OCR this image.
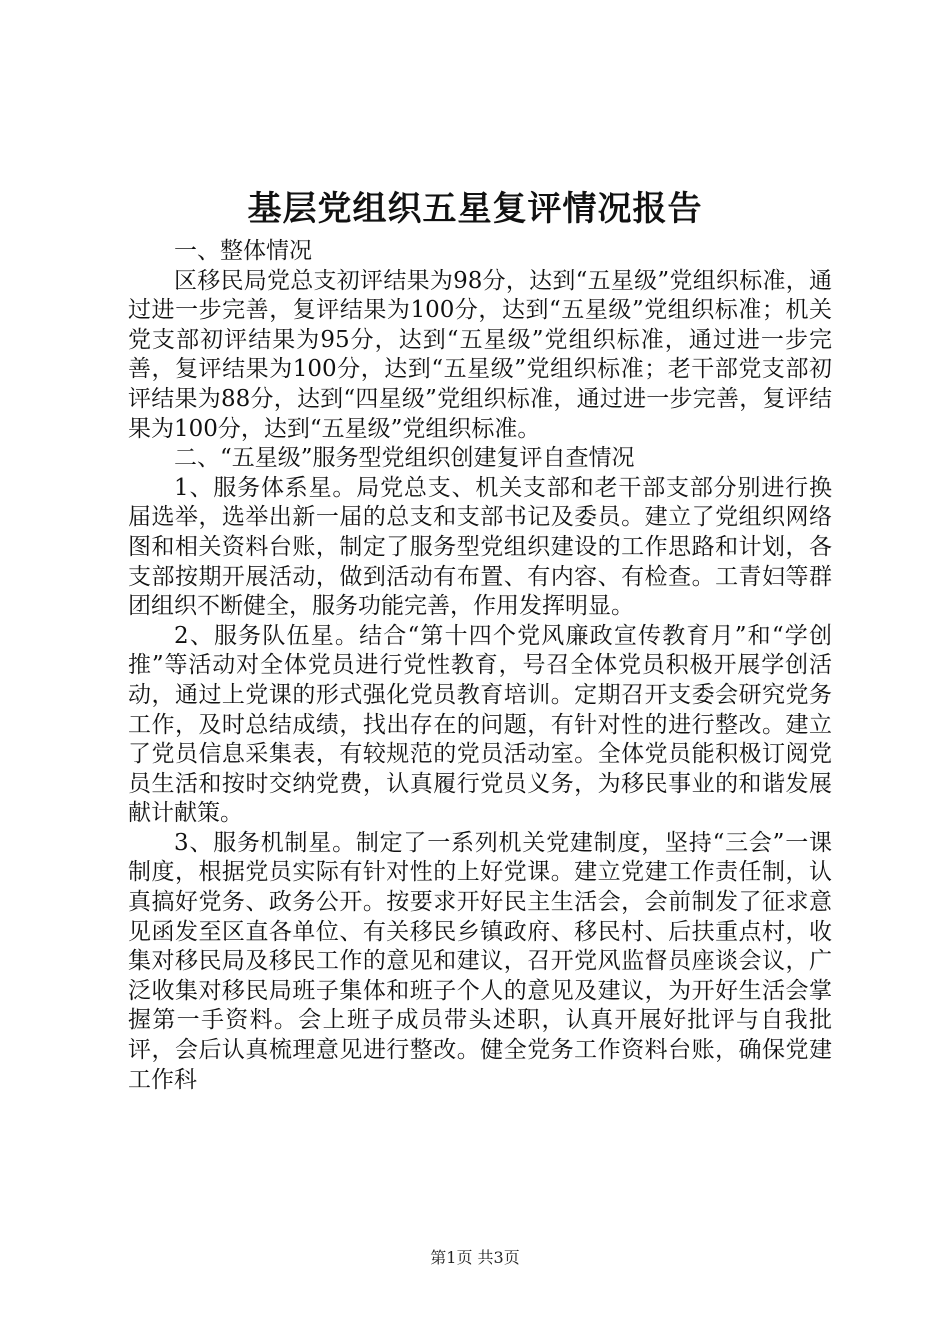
基层党组织五星复评情况报告

一、整体情况

区移民局党总支初评结果为98分，达到“五星级”党组织标准，通过进一步完善，复评结果为100分，达到“五星级”党组织标准；机关党支部初评结果为95分，达到“五星级”党组织标准，通过进一步完善，复评结果为100分，达到“五星级”党组织标准；老干部党支部初评结果为88分，达到“四星级”党组织标准，通过进一步完善，复评结果为100分，达到“五星级”党组织标准。

二、“五星级”服务型党组织创建复评自查情况

1、服务体系星。局党总支、机关支部和老干部支部分别进行换届选举，选举出新一届的总支和支部书记及委员。建立了党组织网络图和相关资料台账，制定了服务型党组织建设的工作思路和计划，各支部按期开展活动，做到活动有布置、有内容、有检查。工青妇等群团组织不断健全，服务功能完善，作用发挥明显。

2、服务队伍星。结合“第十四个党风廉政宣传教育月”和“学创推”等活动对全体党员进行党性教育，号召全体党员积极开展学创活动，通过上党课的形式强化党员教育培训。定期召开支委会研究党务工作，及时总结成绩，找出存在的问题，有针对性的进行整改。建立了党员信息采集表，有较规范的党员活动室。全体党员能积极订阅党员生活和按时交纳党费，认真履行党员义务，为移民事业的和谐发展献计献策。

3、服务机制星。制定了一系列机关党建制度，坚持“三会”一课制度，根据党员实际有针对性的上好党课。建立党建工作责任制，认真搞好党务、政务公开。按要求开好民主生活会，会前制发了征求意见函发至区直各单位、有关移民乡镇政府、移民村、后扶重点村，收集对移民局及移民工作的意见和建议，召开党风监督员座谈会议，广泛收集对移民局班子集体和班子个人的意见及建议，为开好生活会掌握第一手资料。会上班子成员带头述职，认真开展好批评与自我批评，会后认真梳理意见进行整改。健全党务工作资料台账，确保党建工作科

第1页 共3页
